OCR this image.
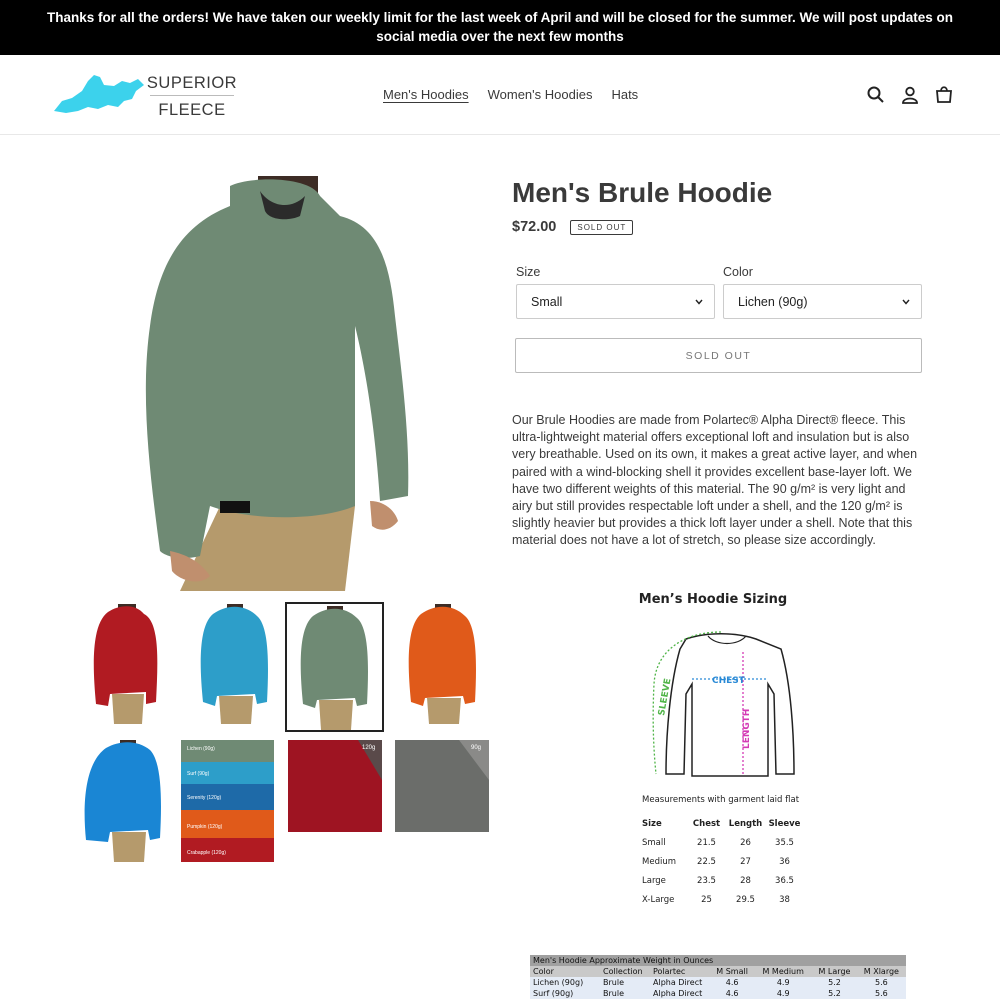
Thanks for all the orders! We have taken our weekly limit for the last week of April and will be closed for the summer. We will post updates on social media over the next few months
SUPERIOR
FLEECE
Men's Hoodies Women's Hoodies Hats
Lichen (90g)
Surf (90g)
Serenity (120g)
Pumpkin (120g)
Crabapple (120g)
120g	90g
Men's Brule Hoodie
$72.00	SOLD OUT
Size
Small
Color
Lichen (90g)
SOLD OUT

Our Brule Hoodies are made from Polartec® Alpha Direct® fleece. This ultra-lightweight material offers exceptional loft and insulation but is also very breathable. Used on its own, it makes a great active layer, and when paired with a wind-blocking shell it provides excellent base-layer loft. We have two different weights of this material. The 90 g/m² is very light and airy but still provides respectable loft under a shell, and the 120 g/m² is slightly heavier but provides a thick loft layer under a shell. Note that this material does not have a lot of stretch, so please size accordingly.

Men’s Hoodie Sizing
CHEST
LENGTH
SLEEVE
Measurements with garment laid flat
Size	Chest	Length	Sleeve
Small	21.5	26	35.5
Medium	22.5	27	36
Large	23.5	28	36.5
X-Large	25	29.5	38
Men's Hoodie Approximate Weight in Ounces
Color	Collection	Polartec	M Small	M Medium	M Large	M Xlarge
Lichen (90g)	Brule	Alpha Direct	4.6	4.9	5.2	5.6
Surf (90g)	Brule	Alpha Direct	4.6	4.9	5.2	5.6
